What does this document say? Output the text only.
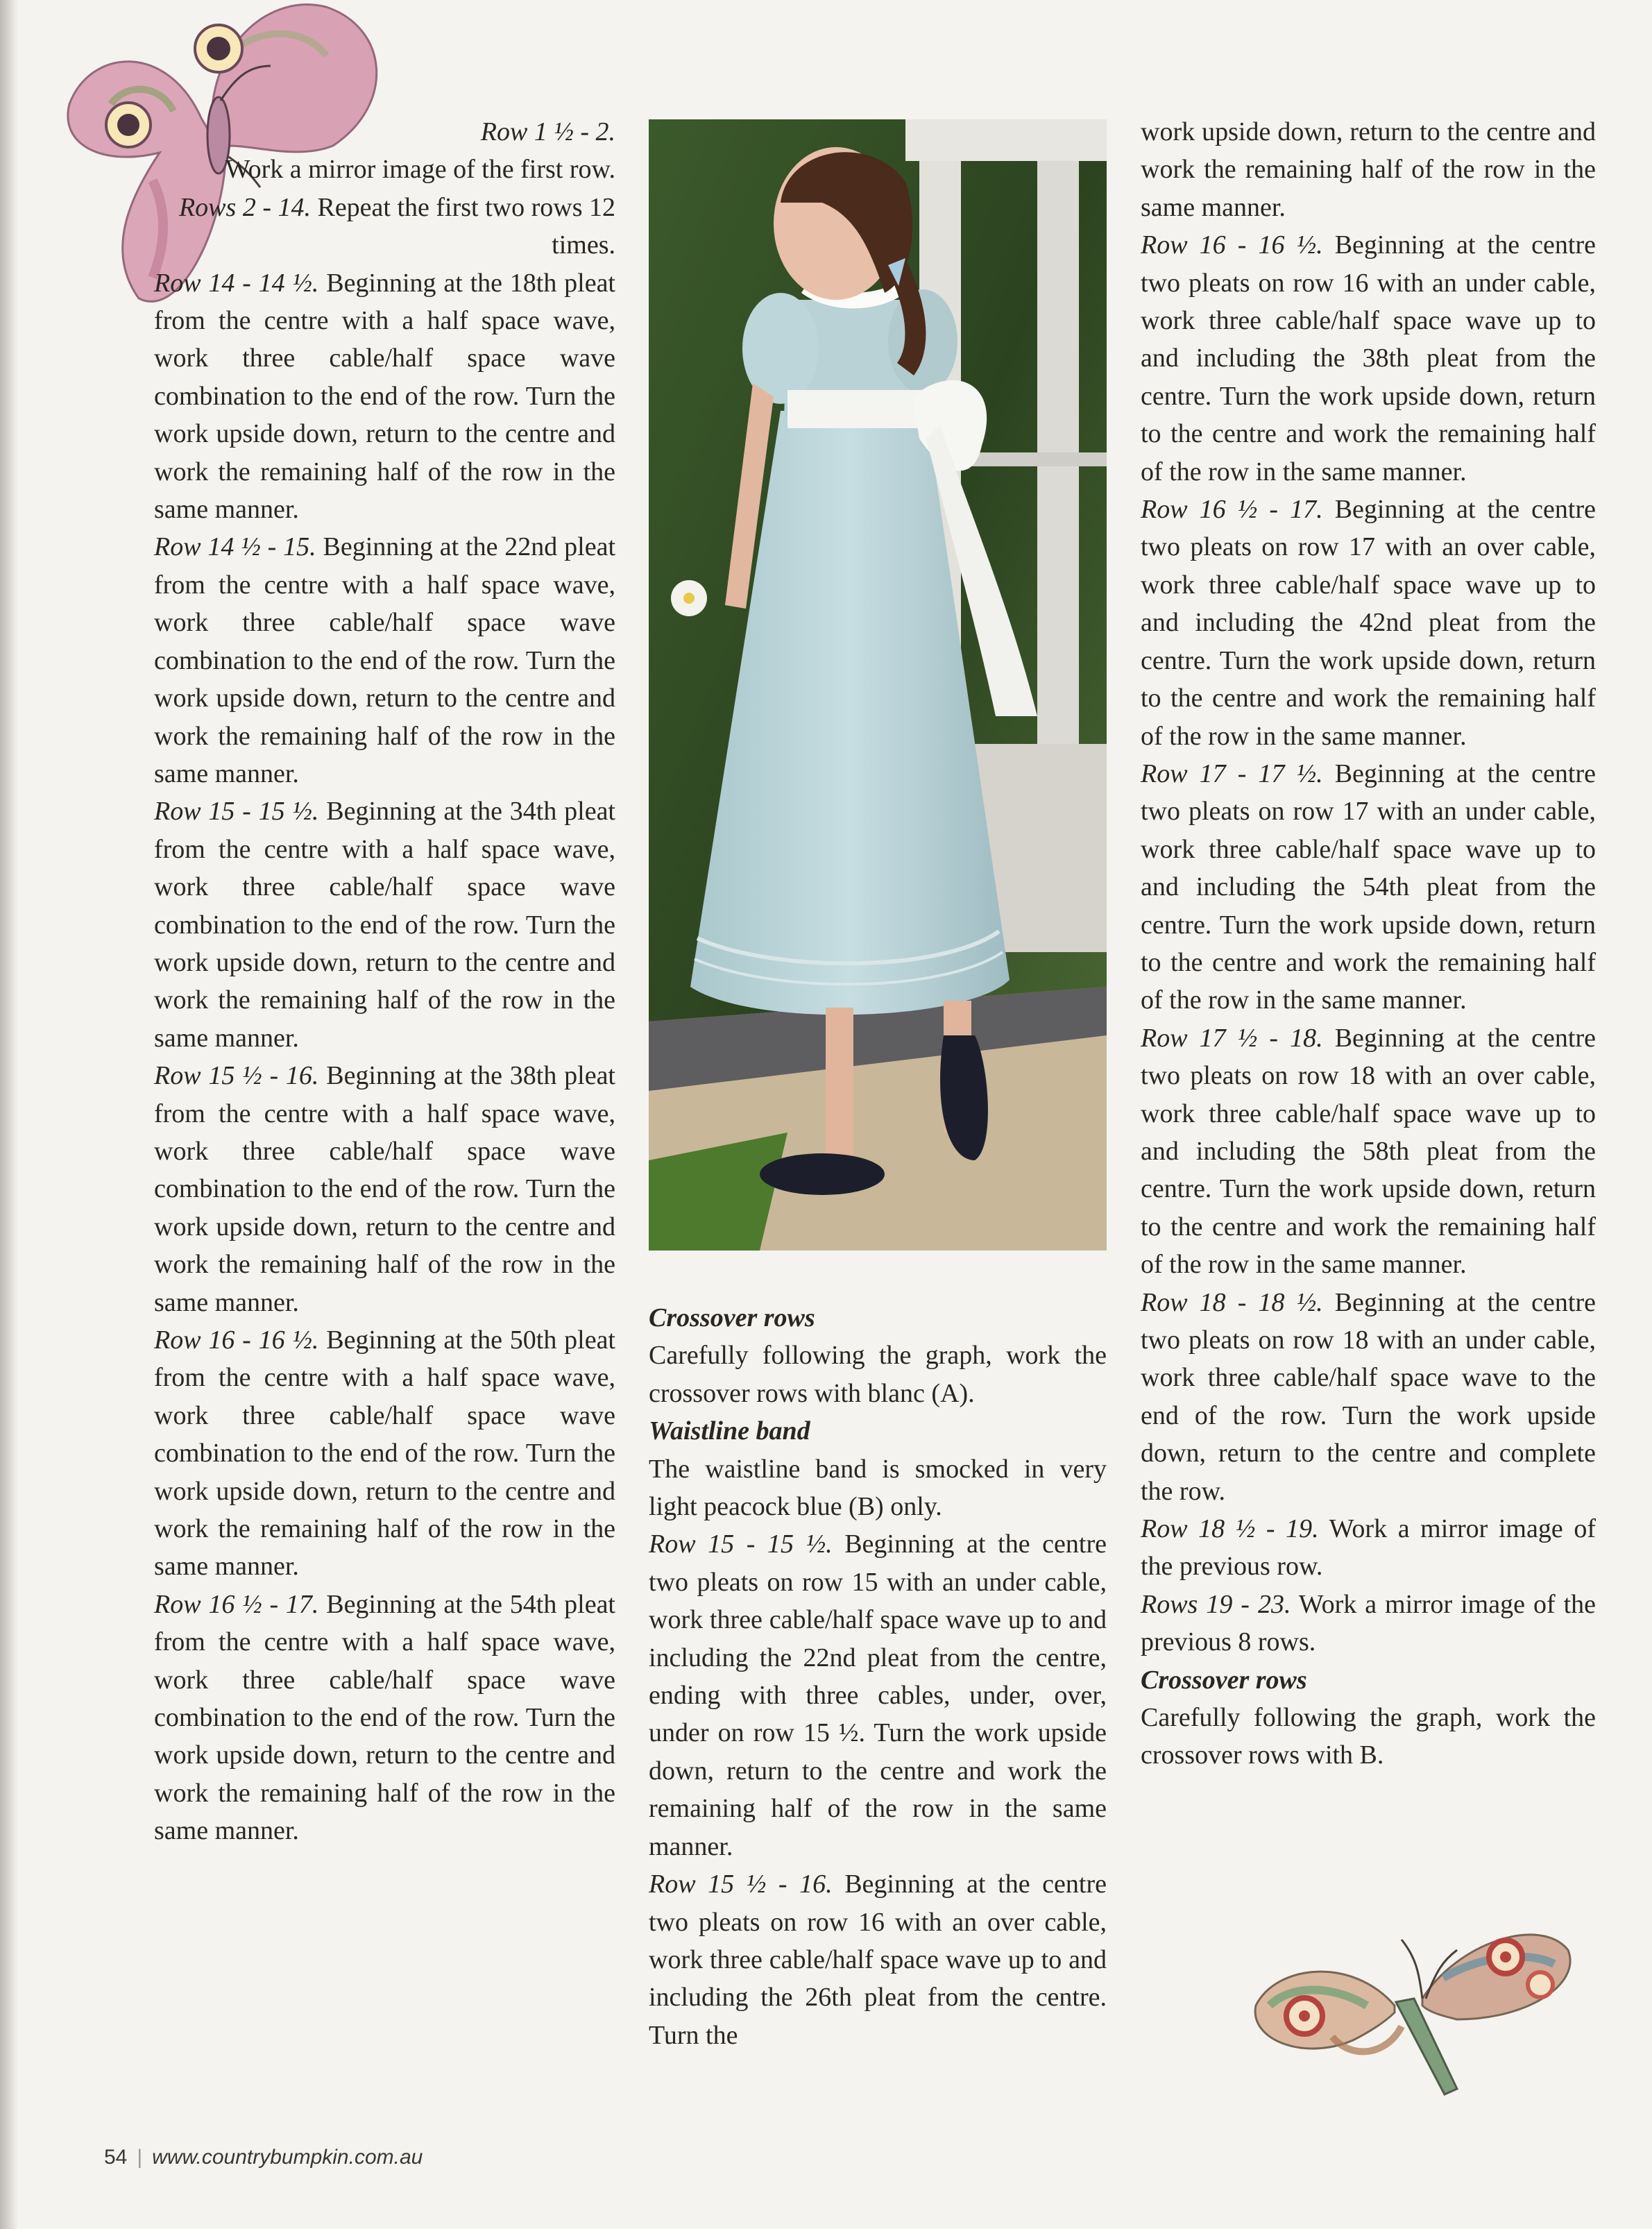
Row 1 ½ - 2.
Work a mirror image of the first row.

Rows 2 - 14. Repeat the first two rows 12 times.

Row 14 - 14 ½. Beginning at the 18th pleat from the centre with a half space wave, work three cable/half space wave combination to the end of the row. Turn the work upside down, return to the centre and work the remaining half of the row in the same manner.

Row 14 ½ - 15. Beginning at the 22nd pleat from the centre with a half space wave, work three cable/half space wave combination to the end of the row. Turn the work upside down, return to the centre and work the remaining half of the row in the same manner.

Row 15 - 15 ½. Beginning at the 34th pleat from the centre with a half space wave, work three cable/half space wave combination to the end of the row. Turn the work upside down, return to the centre and work the remaining half of the row in the same manner.

Row 15 ½ - 16. Beginning at the 38th pleat from the centre with a half space wave, work three cable/half space wave combination to the end of the row. Turn the work upside down, return to the centre and work the remaining half of the row in the same manner.

Row 16 - 16 ½. Beginning at the 50th pleat from the centre with a half space wave, work three cable/half space wave combination to the end of the row. Turn the work upside down, return to the centre and work the remaining half of the row in the same manner.

Row 16 ½ - 17. Beginning at the 54th pleat from the centre with a half space wave, work three cable/half space wave combination to the end of the row. Turn the work upside down, return to the centre and work the remaining half of the row in the same manner.

Crossover rows

Carefully following the graph, work the crossover rows with blanc (A).

Waistline band

The waistline band is smocked in very light peacock blue (B) only.

Row 15 - 15 ½. Beginning at the centre two pleats on row 15 with an under cable, work three cable/half space wave up to and including the 22nd pleat from the centre, ending with three cables, under, over, under on row 15 ½. Turn the work upside down, return to the centre and work the remaining half of the row in the same manner.

Row 15 ½ - 16. Beginning at the centre two pleats on row 16 with an over cable, work three cable/half space wave up to and including the 26th pleat from the centre. Turn the

work upside down, return to the centre and work the remaining half of the row in the same manner.

Row 16 - 16 ½. Beginning at the centre two pleats on row 16 with an under cable, work three cable/half space wave up to and including the 38th pleat from the centre. Turn the work upside down, return to the centre and work the remaining half of the row in the same manner.

Row 16 ½ - 17. Beginning at the centre two pleats on row 17 with an over cable, work three cable/half space wave up to and including the 42nd pleat from the centre. Turn the work upside down, return to the centre and work the remaining half of the row in the same manner.

Row 17 - 17 ½. Beginning at the centre two pleats on row 17 with an under cable, work three cable/half space wave up to and including the 54th pleat from the centre. Turn the work upside down, return to the centre and work the remaining half of the row in the same manner.

Row 17 ½ - 18. Beginning at the centre two pleats on row 18 with an over cable, work three cable/half space wave up to and including the 58th pleat from the centre. Turn the work upside down, return to the centre and work the remaining half of the row in the same manner.

Row 18 - 18 ½. Beginning at the centre two pleats on row 18 with an under cable, work three cable/half space wave to the end of the row. Turn the work upside down, return to the centre and complete the row.

Row 18 ½ - 19. Work a mirror image of the previous row.

Rows 19 - 23. Work a mirror image of the previous 8 rows.

Crossover rows

Carefully following the graph, work the crossover rows with B.

54 | www.countrybumpkin.com.au
